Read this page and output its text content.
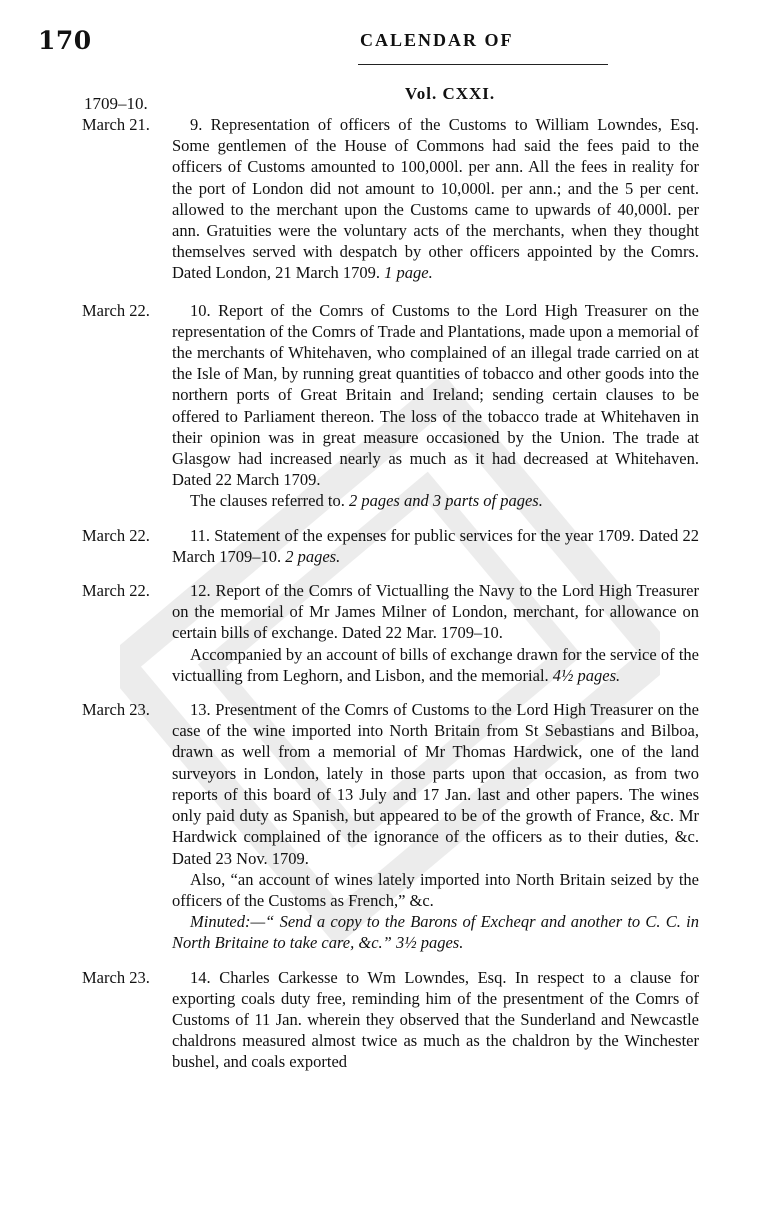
170	CALENDAR OF
Vol. CXXI.
1709–10.
March 21.	9. Representation of officers of the Customs to William Lowndes, Esq. Some gentlemen of the House of Commons had said the fees paid to the officers of Customs amounted to 100,000l. per ann. All the fees in reality for the port of London did not amount to 10,000l. per ann.; and the 5 per cent. allowed to the merchant upon the Customs came to upwards of 40,000l. per ann. Gratuities were the voluntary acts of the merchants, when they thought themselves served with despatch by other officers appointed by the Comrs. Dated London, 21 March 1709. 1 page.

March 22.	10. Report of the Comrs of Customs to the Lord High Treasurer on the representation of the Comrs of Trade and Plantations, made upon a memorial of the merchants of Whitehaven, who complained of an illegal trade carried on at the Isle of Man, by running great quantities of tobacco and other goods into the northern ports of Great Britain and Ireland; sending certain clauses to be offered to Parliament thereon. The loss of the tobacco trade at Whitehaven in their opinion was in great measure occasioned by the Union. The trade at Glasgow had increased nearly as much as it had decreased at Whitehaven. Dated 22 March 1709.

The clauses referred to. 2 pages and 3 parts of pages.

March 22.	11. Statement of the expenses for public services for the year 1709. Dated 22 March 1709–10. 2 pages.

March 22.	12. Report of the Comrs of Victualling the Navy to the Lord High Treasurer on the memorial of Mr James Milner of London, merchant, for allowance on certain bills of exchange. Dated 22 Mar. 1709–10.

Accompanied by an account of bills of exchange drawn for the service of the victualling from Leghorn, and Lisbon, and the memorial. 4½ pages.

March 23.	13. Presentment of the Comrs of Customs to the Lord High Treasurer on the case of the wine imported into North Britain from St Sebastians and Bilboa, drawn as well from a memorial of Mr Thomas Hardwick, one of the land surveyors in London, lately in those parts upon that occasion, as from two reports of this board of 13 July and 17 Jan. last and other papers. The wines only paid duty as Spanish, but appeared to be of the growth of France, &c. Mr Hardwick complained of the ignorance of the officers as to their duties, &c. Dated 23 Nov. 1709.

Also, “an account of wines lately imported into North Britain seized by the officers of the Customs as French,” &c.

Minuted:—“ Send a copy to the Barons of Excheqr and another to C. C. in North Britaine to take care, &c.” 3½ pages.

March 23.	14. Charles Carkesse to Wm Lowndes, Esq. In respect to a clause for exporting coals duty free, reminding him of the presentment of the Comrs of Customs of 11 Jan. wherein they observed that the Sunderland and Newcastle chaldrons measured almost twice as much as the chaldron by the Winchester bushel, and coals exported
